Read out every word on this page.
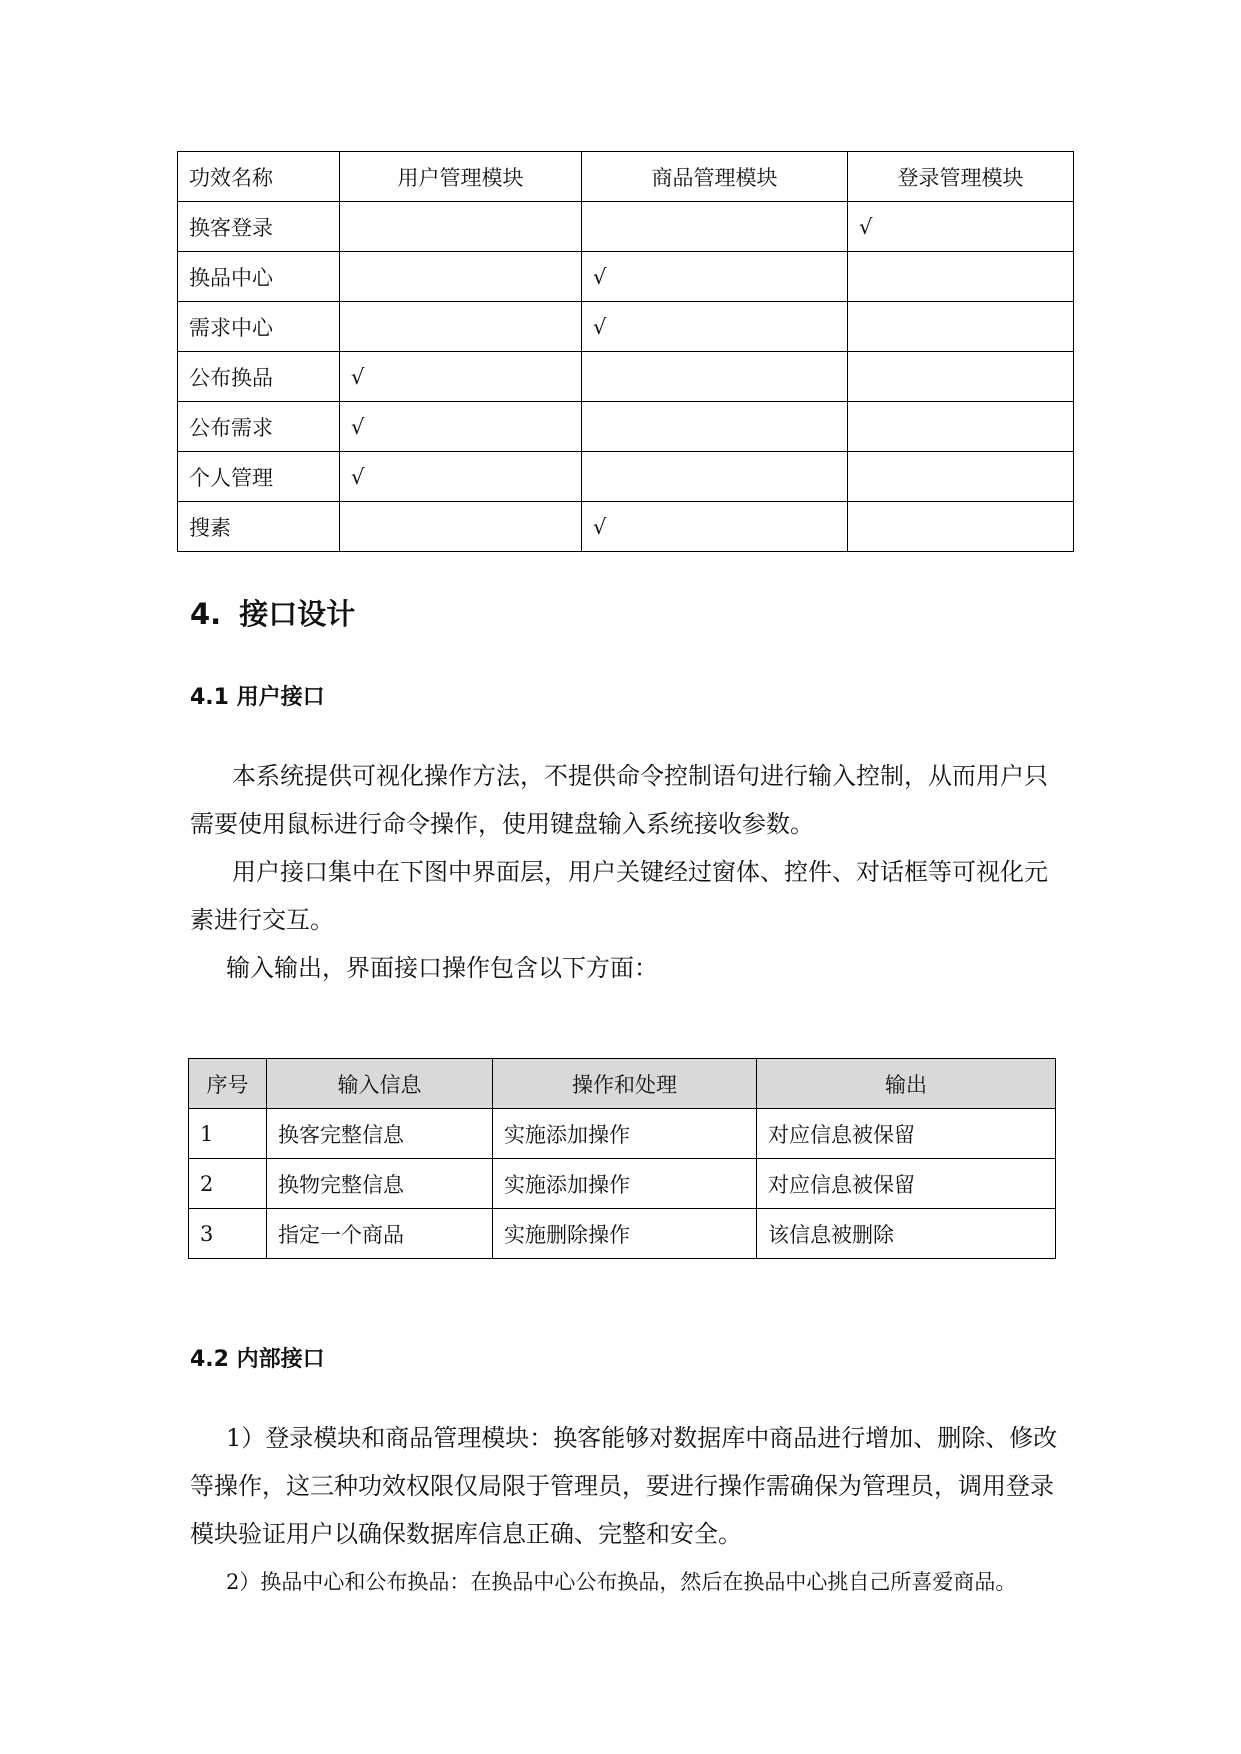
功效名称	用户管理模块	商品管理模块	登录管理模块
换客登录			√
换品中心		√	
需求中心		√	
公布换品	√		
公布需求	√		
个人管理	√		
搜素		√	
4. 接口设计
4.1 用户接口

本系统提供可视化操作方法，不提供命令控制语句进行输入控制，从而用户只需要使用鼠标进行命令操作，使用键盘输入系统接收参数。

用户接口集中在下图中界面层，用户关键经过窗体、控件、对话框等可视化元素进行交互。

输入输出，界面接口操作包含以下方面：

序号	输入信息	操作和处理	输出
1	换客完整信息	实施添加操作	对应信息被保留
2	换物完整信息	实施添加操作	对应信息被保留
3	指定一个商品	实施删除操作	该信息被删除
4.2 内部接口

1）登录模块和商品管理模块：换客能够对数据库中商品进行增加、删除、修改等操作，这三种功效权限仅局限于管理员，要进行操作需确保为管理员，调用登录模块验证用户以确保数据库信息正确、完整和安全。

2）换品中心和公布换品：在换品中心公布换品，然后在换品中心挑自己所喜爱商品。
